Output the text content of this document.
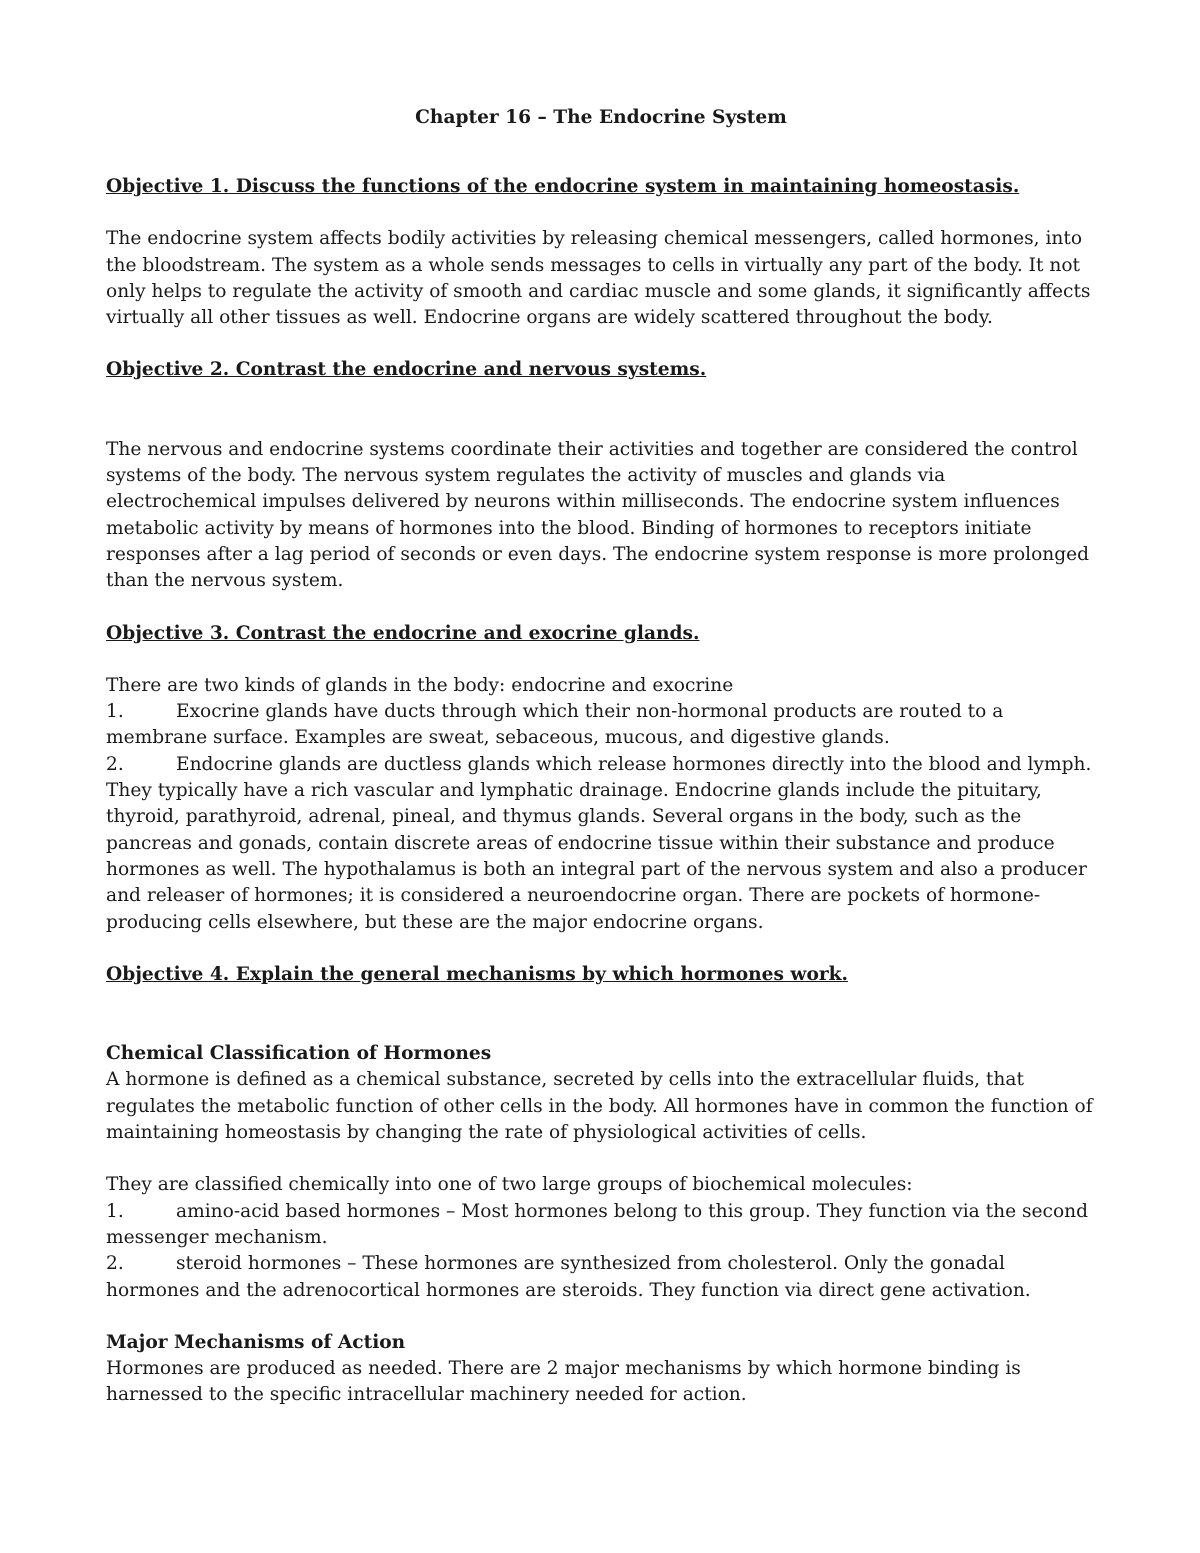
Chapter 16 – The Endocrine System

Objective 1. Discuss the functions of the endocrine system in maintaining homeostasis.

The endocrine system affects bodily activities by releasing chemical messengers, called hormones, into the bloodstream. The system as a whole sends messages to cells in virtually any part of the body. It not only helps to regulate the activity of smooth and cardiac muscle and some glands, it significantly affects virtually all other tissues as well. Endocrine organs are widely scattered throughout the body.

Objective 2. Contrast the endocrine and nervous systems.

The nervous and endocrine systems coordinate their activities and together are considered the control systems of the body. The nervous system regulates the activity of muscles and glands via electrochemical impulses delivered by neurons within milliseconds. The endocrine system influences metabolic activity by means of hormones into the blood. Binding of hormones to receptors initiate responses after a lag period of seconds or even days. The endocrine system response is more prolonged than the nervous system.

Objective 3. Contrast the endocrine and exocrine glands.

There are two kinds of glands in the body: endocrine and exocrine

1.	Exocrine glands have ducts through which their non-hormonal products are routed to a membrane surface. Examples are sweat, sebaceous, mucous, and digestive glands.

2.	Endocrine glands are ductless glands which release hormones directly into the blood and lymph. They typically have a rich vascular and lymphatic drainage. Endocrine glands include the pituitary, thyroid, parathyroid, adrenal, pineal, and thymus glands. Several organs in the body, such as the pancreas and gonads, contain discrete areas of endocrine tissue within their substance and produce hormones as well. The hypothalamus is both an integral part of the nervous system and also a producer and releaser of hormones; it is considered a neuroendocrine organ. There are pockets of hormone-producing cells elsewhere, but these are the major endocrine organs.

Objective 4. Explain the general mechanisms by which hormones work.

Chemical Classification of Hormones

A hormone is defined as a chemical substance, secreted by cells into the extracellular fluids, that regulates the metabolic function of other cells in the body. All hormones have in common the function of maintaining homeostasis by changing the rate of physiological activities of cells.

They are classified chemically into one of two large groups of biochemical molecules:

1.	amino-acid based hormones – Most hormones belong to this group. They function via the second messenger mechanism.

2.	steroid hormones – These hormones are synthesized from cholesterol. Only the gonadal hormones and the adrenocortical hormones are steroids. They function via direct gene activation.

Major Mechanisms of Action

Hormones are produced as needed. There are 2 major mechanisms by which hormone binding is harnessed to the specific intracellular machinery needed for action.
